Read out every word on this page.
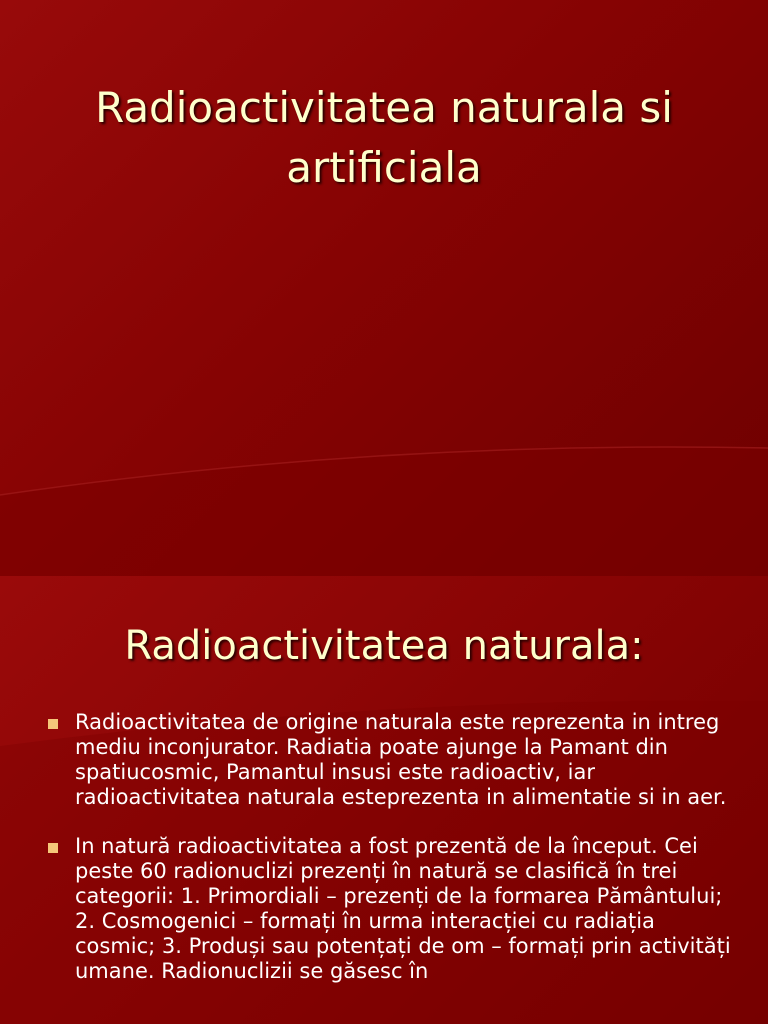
Radioactivitatea naturala si artificiala
Radioactivitatea naturala:
Radioactivitatea de origine naturala este reprezenta in intreg mediu inconjurator. Radiatia poate ajunge la Pamant din spatiucosmic, Pamantul insusi este radioactiv, iar radioactivitatea naturala esteprezenta in alimentatie si in aer.
In natură radioactivitatea a fost prezentă de la început. Cei peste 60 radionuclizi prezenți în natură se clasifică în trei categorii: 1. Primordiali – prezenți de la formarea Pământului; 2. Cosmogenici – formați în urma interacției cu radiația cosmic; 3. Produși sau potențați de om – formați prin activități umane. Radionuclizii se găsesc în
